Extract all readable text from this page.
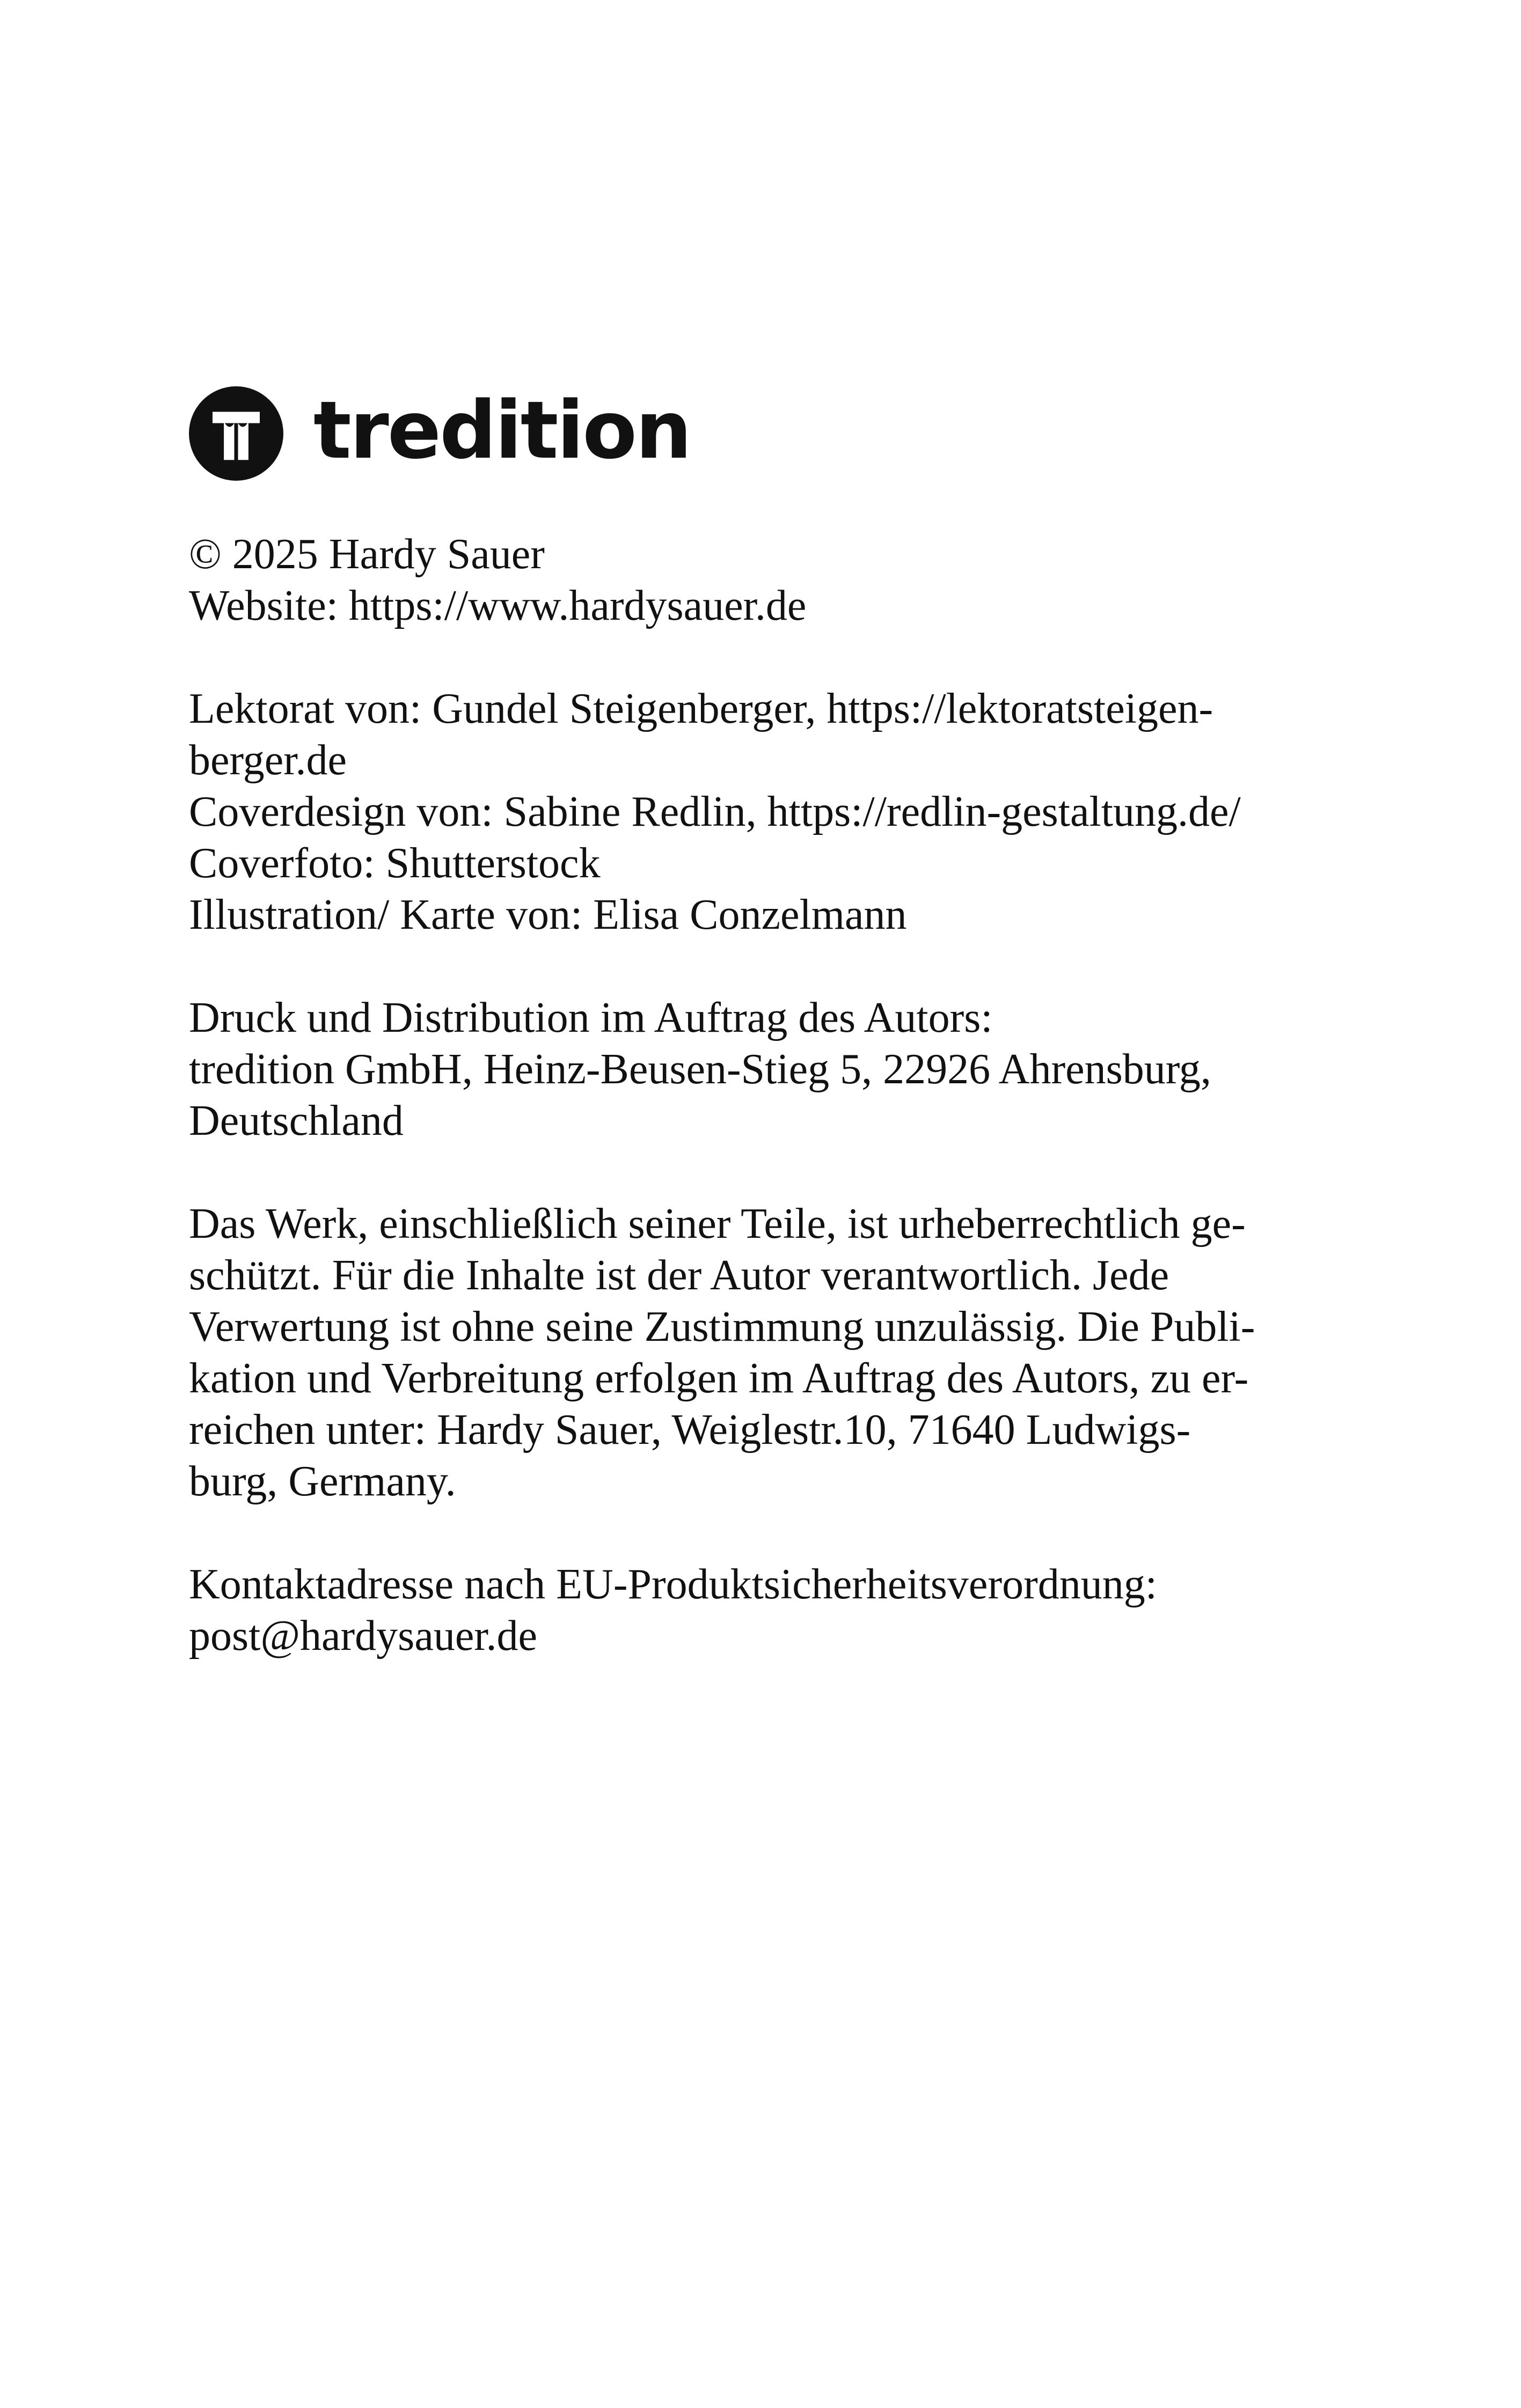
tredition
© 2025 Hardy Sauer
Website: https://www.hardysauer.de
Lektorat von: Gundel Steigenberger, https://lektoratsteigen-
berger.de
Coverdesign von: Sabine Redlin, https://redlin-gestaltung.de/
Coverfoto: Shutterstock
Illustration/ Karte von: Elisa Conzelmann
Druck und Distribution im Auftrag des Autors:
tredition GmbH, Heinz-Beusen-Stieg 5, 22926 Ahrensburg,
Deutschland
Das Werk, einschließlich seiner Teile, ist urheberrechtlich ge-
schützt. Für die Inhalte ist der Autor verantwortlich. Jede
Verwertung ist ohne seine Zustimmung unzulässig. Die Publi-
kation und Verbreitung erfolgen im Auftrag des Autors, zu er-
reichen unter: Hardy Sauer, Weiglestr.10, 71640 Ludwigs-
burg, Germany.
Kontaktadresse nach EU-Produktsicherheitsverordnung:
post@hardysauer.de
